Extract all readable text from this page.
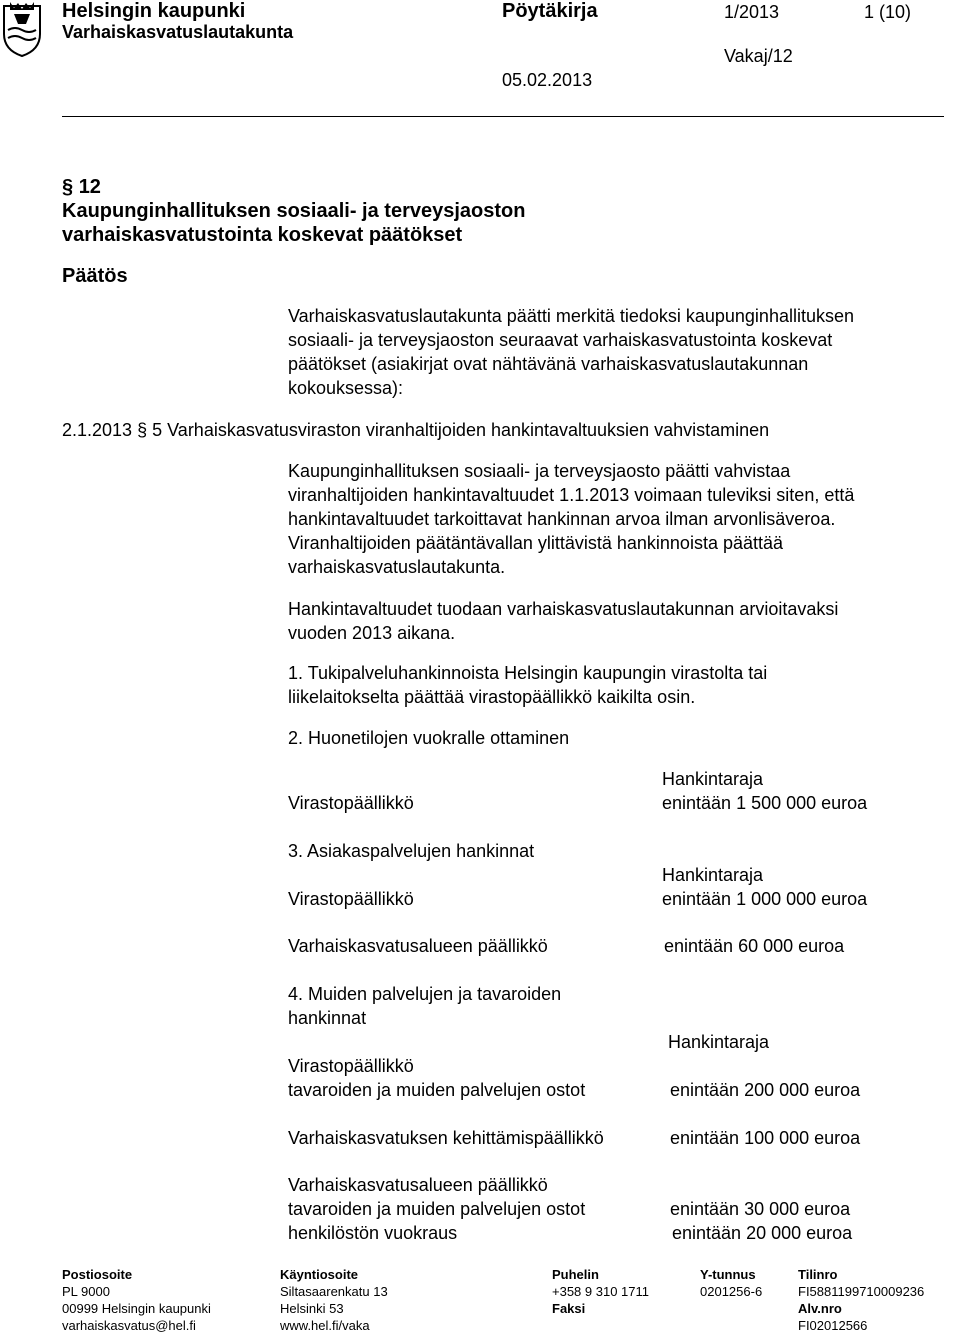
Helsingin kaupunki
Varhaiskasvatuslautakunta
Pöytäkirja	1/2013	1 (10)
Vakaj/12
05.02.2013
§ 12
Kaupunginhallituksen sosiaali- ja terveysjaoston
varhaiskasvatustointa koskevat päätökset
Päätös
Varhaiskasvatuslautakunta päätti merkitä tiedoksi kaupunginhallituksen
sosiaali- ja terveysjaoston seuraavat varhaiskasvatustointa koskevat
päätökset (asiakirjat ovat nähtävänä varhaiskasvatuslautakunnan
kokouksessa):
2.1.2013 § 5 Varhaiskasvatusviraston viranhaltijoiden hankintavaltuuksien vahvistaminen
Kaupunginhallituksen sosiaali- ja terveysjaosto päätti vahvistaa
viranhaltijoiden hankintavaltuudet 1.1.2013 voimaan tuleviksi siten, että
hankintavaltuudet tarkoittavat hankinnan arvoa ilman arvonlisäveroa.
Viranhaltijoiden päätäntävallan ylittävistä hankinnoista päättää
varhaiskasvatuslautakunta.
Hankintavaltuudet tuodaan varhaiskasvatuslautakunnan arvioitavaksi
vuoden 2013 aikana.
1. Tukipalveluhankinnoista Helsingin kaupungin virastolta tai
liikelaitokselta päättää virastopäällikkö kaikilta osin.
2. Huonetilojen vuokralle ottaminen
Hankintaraja
Virastopäällikkö	enintään 1 500 000 euroa
3. Asiakaspalvelujen hankinnat
Hankintaraja
Virastopäällikkö	enintään 1 000 000 euroa
Varhaiskasvatusalueen päällikkö	enintään 60 000 euroa
4. Muiden palvelujen ja tavaroiden
hankinnat
Hankintaraja
Virastopäällikkö
tavaroiden ja muiden palvelujen ostot	enintään 200 000 euroa
Varhaiskasvatuksen kehittämispäällikkö	enintään 100 000 euroa
Varhaiskasvatusalueen päällikkö
tavaroiden ja muiden palvelujen ostot	enintään 30 000 euroa
henkilöstön vuokraus	enintään 20 000 euroa
Postiosoite
PL 9000
00999 Helsingin kaupunki
varhaiskasvatus@hel.fi
Käyntiosoite
Siltasaarenkatu 13
Helsinki 53
www.hel.fi/vaka
Puhelin
+358 9 310 1711
Faksi
Y-tunnus
0201256-6
Tilinro
FI5881199710009236
Alv.nro
FI02012566
